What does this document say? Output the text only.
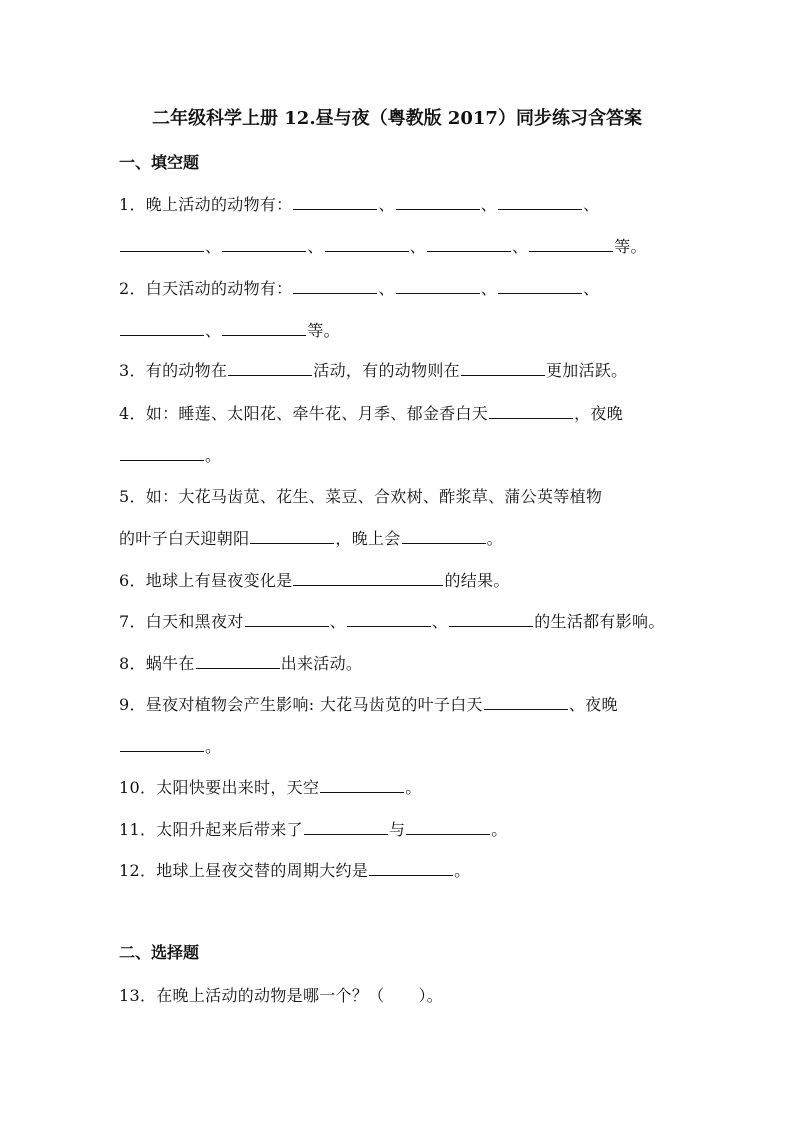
二年级科学上册 12.昼与夜（粤教版 2017）同步练习含答案
一、填空题
1．晚上活动的动物有：	、	、	、
、	、	、	、	等。
2．白天活动的动物有：	、	、	、
、	等。
3．有的动物在	活动，有的动物则在	更加活跃。
4．如：睡莲、太阳花、牵牛花、月季、郁金香白天	，夜晚
。
5．如：大花马齿苋、花生、菜豆、合欢树、酢浆草、蒲公英等植物
的叶子白天迎朝阳	，晚上会	。
6．地球上有昼夜变化是	的结果。
7．白天和黑夜对	、	、	的生活都有影响。
8．蜗牛在	出来活动。
9．昼夜对植物会产生影响: 大花马齿苋的叶子白天	、夜晚
。
10．太阳快要出来时，天空	。
11．太阳升起来后带来了	与	。
12．地球上昼夜交替的周期大约是	。
二、选择题
13．在晚上活动的动物是哪一个？（ ）。
